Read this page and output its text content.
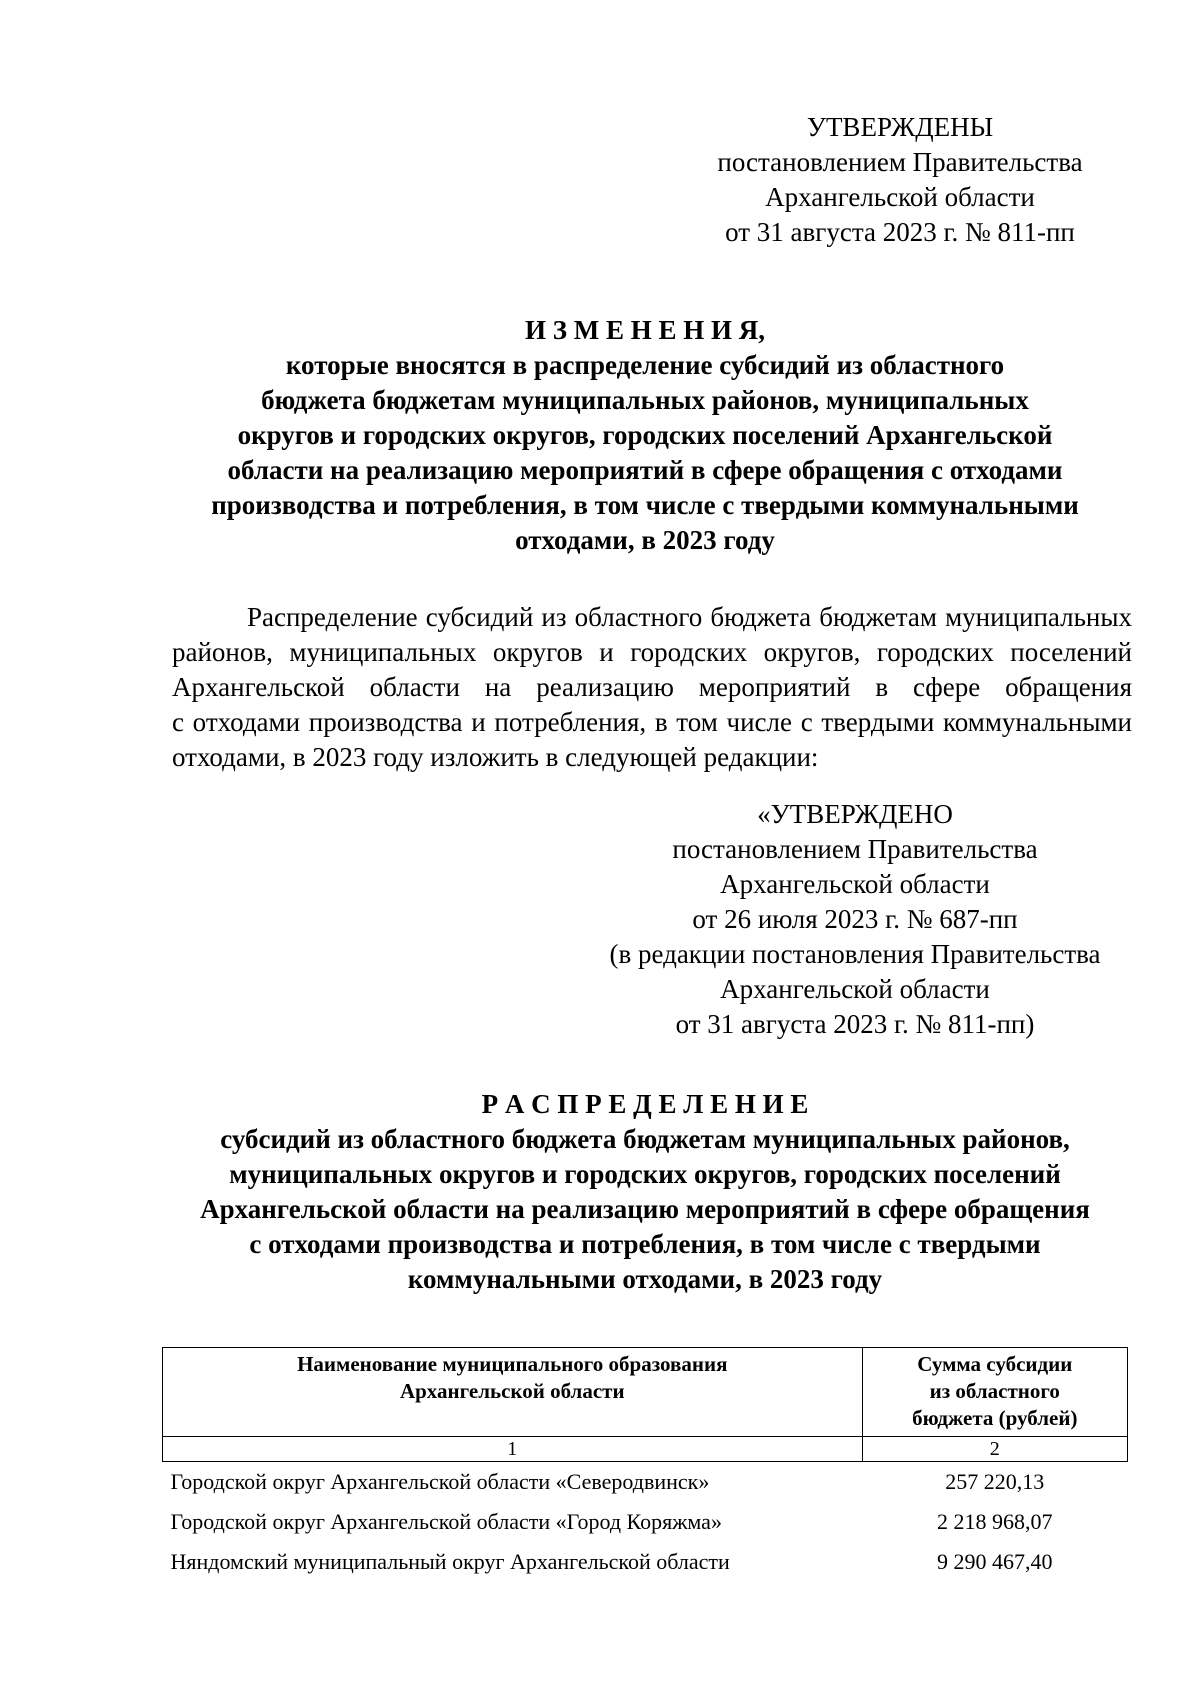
УТВЕРЖДЕНЫ
постановлением Правительства
Архангельской области
от 31 августа 2023 г. № 811-пп
И З М Е Н Е Н И Я,
которые вносятся в распределение субсидий из областного
бюджета бюджетам муниципальных районов, муниципальных
округов и городских округов, городских поселений Архангельской
области на реализацию мероприятий в сфере обращения с отходами
производства и потребления, в том числе с твердыми коммунальными
отходами, в 2023 году
Распределение субсидий из областного бюджета бюджетам муниципальных
районов, муниципальных округов и городских округов, городских поселений
Архангельской области на реализацию мероприятий в сфере обращения
с отходами производства и потребления, в том числе с твердыми коммунальными
отходами, в 2023 году изложить в следующей редакции:
«УТВЕРЖДЕНО
постановлением Правительства
Архангельской области
от 26 июля 2023 г. № 687-пп
(в редакции постановления Правительства
Архангельской области
от 31 августа 2023 г. № 811-пп)
Р А С П Р Е Д Е Л Е Н И Е
субсидий из областного бюджета бюджетам муниципальных районов,
муниципальных округов и городских округов, городских поселений
Архангельской области на реализацию мероприятий в сфере обращения
с отходами производства и потребления, в том числе с твердыми
коммунальными отходами, в 2023 году
Наименование муниципального образования
Архангельской области	Сумма субсидии
из областного
бюджета (рублей)

1	2
Городской округ Архангельской области «Северодвинск»	257 220,13
Городской округ Архангельской области «Город Коряжма»	2 218 968,07
Няндомский муниципальный округ Архангельской области	9 290 467,40
